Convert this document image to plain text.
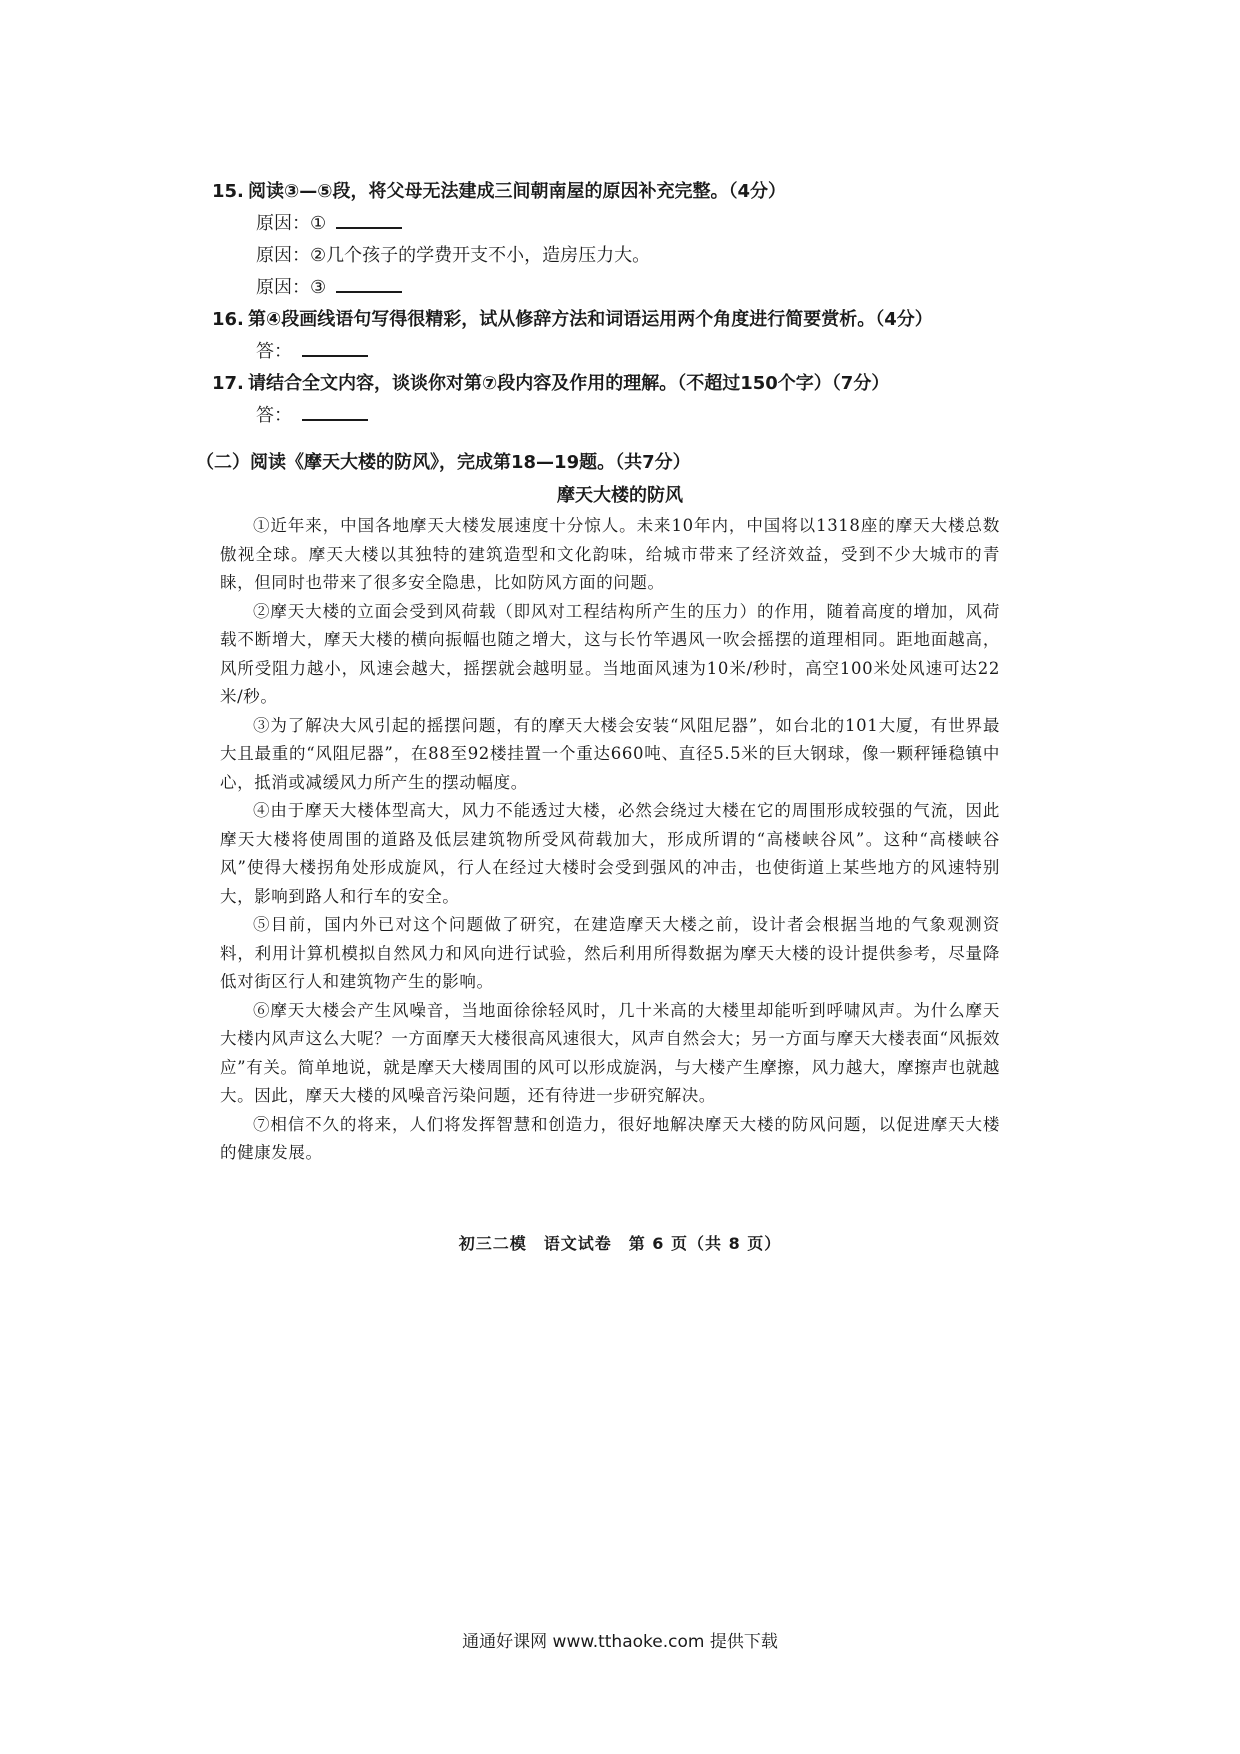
15. 阅读③—⑤段，将父母无法建成三间朝南屋的原因补充完整。（4分）
原因：①
原因：②几个孩子的学费开支不小，造房压力大。
原因：③
16. 第④段画线语句写得很精彩，试从修辞方法和词语运用两个角度进行简要赏析。（4分）
答：
17. 请结合全文内容，谈谈你对第⑦段内容及作用的理解。（不超过150个字）（7分）
答：
（二）阅读《摩天大楼的防风》，完成第18—19题。（共7分）
摩天大楼的防风

①近年来，中国各地摩天大楼发展速度十分惊人。未来10年内，中国将以1318座的摩天大楼总数傲视全球。摩天大楼以其独特的建筑造型和文化韵味，给城市带来了经济效益，受到不少大城市的青睐，但同时也带来了很多安全隐患，比如防风方面的问题。

②摩天大楼的立面会受到风荷载（即风对工程结构所产生的压力）的作用，随着高度的增加，风荷载不断增大，摩天大楼的横向振幅也随之增大，这与长竹竿遇风一吹会摇摆的道理相同。距地面越高，风所受阻力越小，风速会越大，摇摆就会越明显。当地面风速为10米/秒时，高空100米处风速可达22米/秒。

③为了解决大风引起的摇摆问题，有的摩天大楼会安装“风阻尼器”，如台北的101大厦，有世界最大且最重的“风阻尼器”，在88至92楼挂置一个重达660吨、直径5.5米的巨大钢球，像一颗秤锤稳镇中心，抵消或减缓风力所产生的摆动幅度。

④由于摩天大楼体型高大，风力不能透过大楼，必然会绕过大楼在它的周围形成较强的气流，因此摩天大楼将使周围的道路及低层建筑物所受风荷载加大，形成所谓的“高楼峡谷风”。这种“高楼峡谷风”使得大楼拐角处形成旋风，行人在经过大楼时会受到强风的冲击，也使街道上某些地方的风速特别大，影响到路人和行车的安全。

⑤目前，国内外已对这个问题做了研究，在建造摩天大楼之前，设计者会根据当地的气象观测资料，利用计算机模拟自然风力和风向进行试验，然后利用所得数据为摩天大楼的设计提供参考，尽量降低对街区行人和建筑物产生的影响。

⑥摩天大楼会产生风噪音，当地面徐徐轻风时，几十米高的大楼里却能听到呼啸风声。为什么摩天大楼内风声这么大呢？一方面摩天大楼很高风速很大，风声自然会大；另一方面与摩天大楼表面“风振效应”有关。简单地说，就是摩天大楼周围的风可以形成旋涡，与大楼产生摩擦，风力越大，摩擦声也就越大。因此，摩天大楼的风噪音污染问题，还有待进一步研究解决。

⑦相信不久的将来，人们将发挥智慧和创造力，很好地解决摩天大楼的防风问题，以促进摩天大楼的健康发展。

初三二模　语文试卷　第 6 页（共 8 页）
通通好课网 www.tthaoke.com 提供下载
